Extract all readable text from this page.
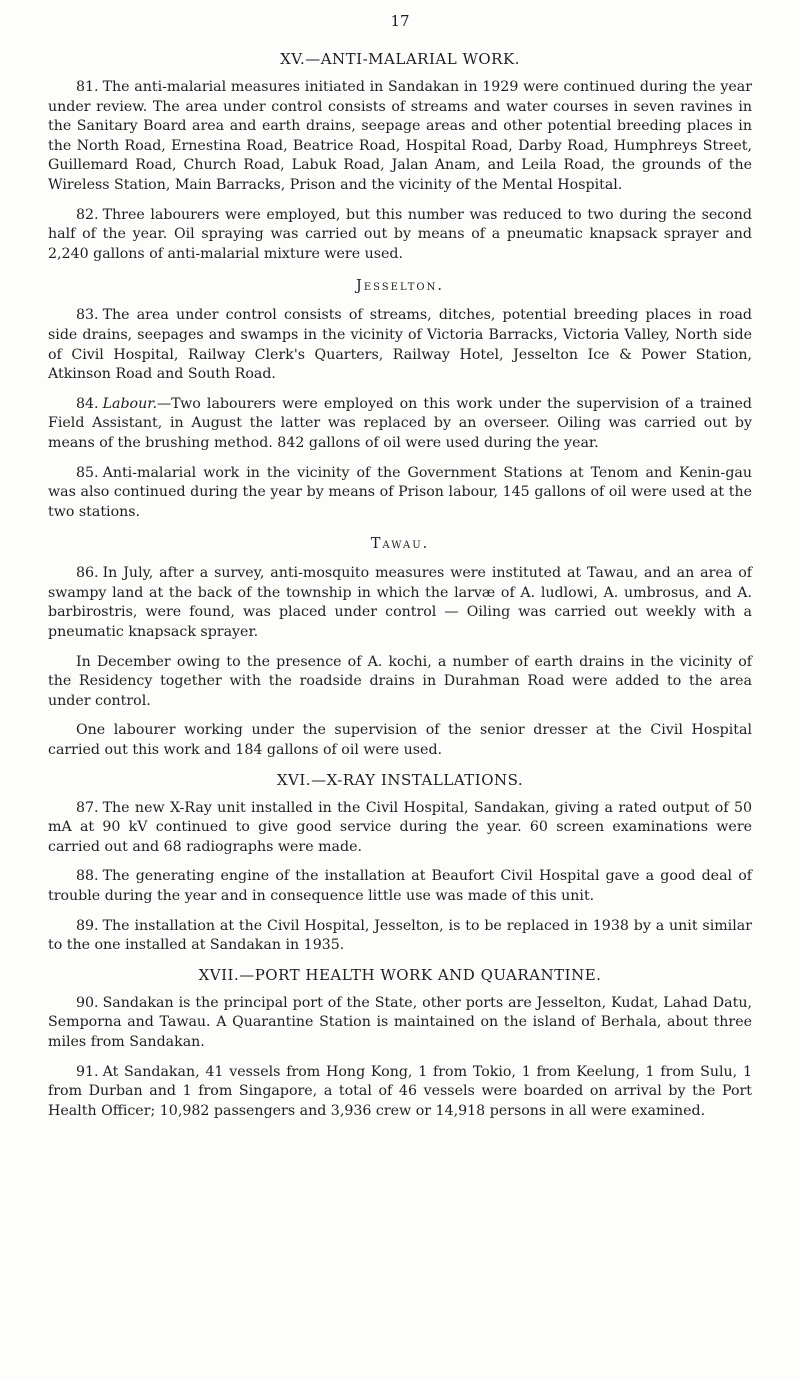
17
XV.—ANTI-MALARIAL WORK.

81. The anti-malarial measures initiated in Sandakan in 1929 were continued during the year under review. The area under control consists of streams and water courses in seven ravines in the Sanitary Board area and earth drains, seepage areas and other potential breeding places in the North Road, Ernestina Road, Beatrice Road, Hospital Road, Darby Road, Humphreys Street, Guillemard Road, Church Road, Labuk Road, Jalan Anam, and Leila Road, the grounds of the Wireless Station, Main Barracks, Prison and the vicinity of the Mental Hospital.

82. Three labourers were employed, but this number was reduced to two during the second half of the year. Oil spraying was carried out by means of a pneumatic knapsack sprayer and 2,240 gallons of anti-malarial mixture were used.

Jesselton.

83. The area under control consists of streams, ditches, potential breeding places in road side drains, seepages and swamps in the vicinity of Victoria Barracks, Victoria Valley, North side of Civil Hospital, Railway Clerk's Quarters, Railway Hotel, Jesselton Ice & Power Station, Atkinson Road and South Road.

84. Labour.—Two labourers were employed on this work under the supervision of a trained Field Assistant, in August the latter was replaced by an overseer. Oiling was carried out by means of the brushing method. 842 gallons of oil were used during the year.

85. Anti-malarial work in the vicinity of the Government Stations at Tenom and Kenin-gau was also continued during the year by means of Prison labour, 145 gallons of oil were used at the two stations.

Tawau.

86. In July, after a survey, anti-mosquito measures were instituted at Tawau, and an area of swampy land at the back of the township in which the larvæ of A. ludlowi, A. umbrosus, and A. barbirostris, were found, was placed under control — Oiling was carried out weekly with a pneumatic knapsack sprayer.

In December owing to the presence of A. kochi, a number of earth drains in the vicinity of the Residency together with the roadside drains in Durahman Road were added to the area under control.

One labourer working under the supervision of the senior dresser at the Civil Hospital carried out this work and 184 gallons of oil were used.

XVI.—X-RAY INSTALLATIONS.

87. The new X-Ray unit installed in the Civil Hospital, Sandakan, giving a rated output of 50 mA at 90 kV continued to give good service during the year. 60 screen examinations were carried out and 68 radiographs were made.

88. The generating engine of the installation at Beaufort Civil Hospital gave a good deal of trouble during the year and in consequence little use was made of this unit.

89. The installation at the Civil Hospital, Jesselton, is to be replaced in 1938 by a unit similar to the one installed at Sandakan in 1935.

XVII.—PORT HEALTH WORK AND QUARANTINE.

90. Sandakan is the principal port of the State, other ports are Jesselton, Kudat, Lahad Datu, Semporna and Tawau. A Quarantine Station is maintained on the island of Berhala, about three miles from Sandakan.

91. At Sandakan, 41 vessels from Hong Kong, 1 from Tokio, 1 from Keelung, 1 from Sulu, 1 from Durban and 1 from Singapore, a total of 46 vessels were boarded on arrival by the Port Health Officer; 10,982 passengers and 3,936 crew or 14,918 persons in all were examined.
